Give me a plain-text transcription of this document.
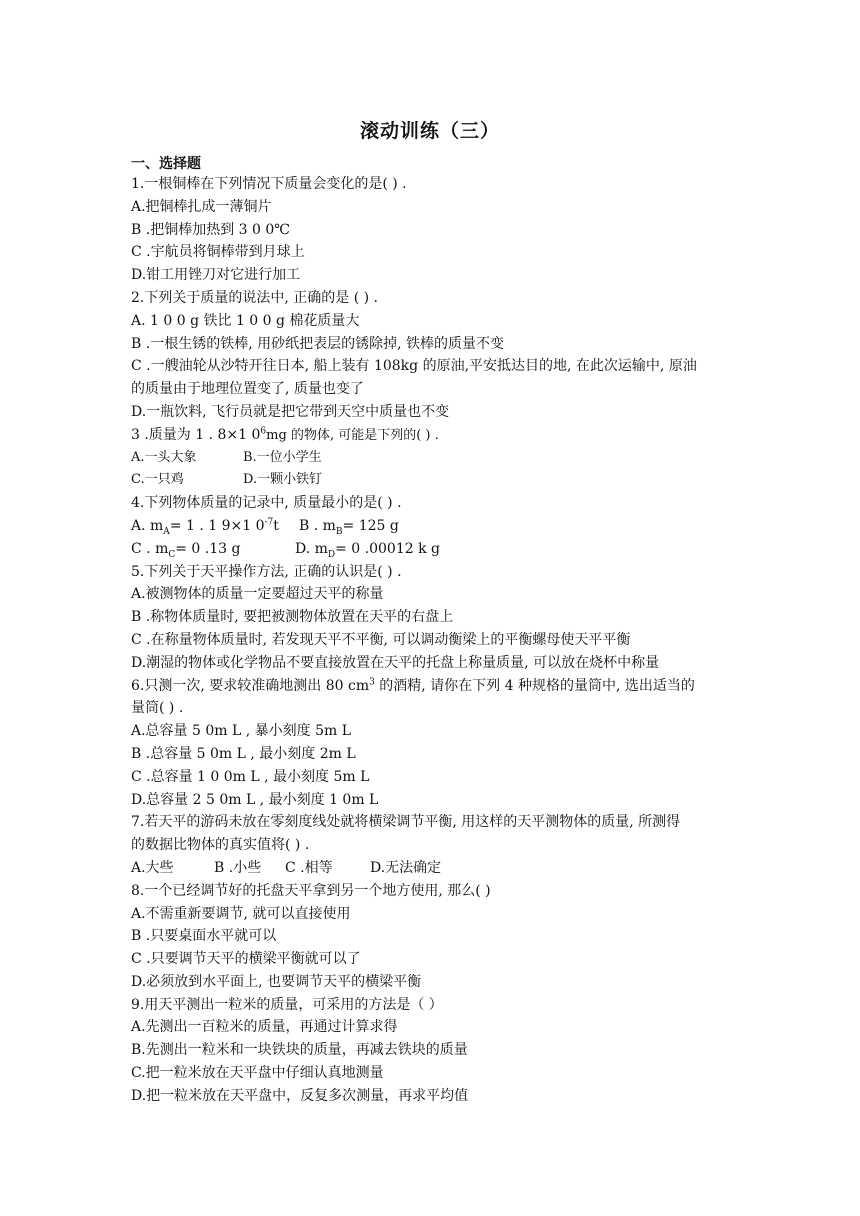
滚动训练（三）
一、选择题
1.一根铜棒在下列情况下质量会变化的是( ) .
A.把铜棒扎成一薄铜片
B .把铜棒加热到 3 0 0℃
C .宇航员将铜棒带到月球上
D.钳工用锉刀对它进行加工
2.下列关于质量的说法中, 正确的是 ( ) .
A. 1 0 0 g 铁比 1 0 0 g 棉花质量大
B .一根生锈的铁棒, 用砂纸把表层的锈除掉, 铁棒的质量不变
C .一艘油轮从沙特开往日本, 船上装有 108kg 的原油,平安抵达目的地, 在此次运输中, 原油
的质量由于地理位置变了, 质量也变了
D.一瓶饮料, 飞行员就是把它带到天空中质量也不变
3 .质量为 1 . 8×1 $0^6mg$ 的物体, 可能是下列的( ) .
A.一头大象	B.一位小学生
C.一只鸡	D.一颗小铁钉
4.下列物体质量的记录中, 质量最小的是( ) .
A. $m_A= 1$ . 1 9×1 $0^{-7}t$ B . $m_B= 125$ g
C . $m_C= 0$ .13 g	D. $m_D= 0$ .00012 k g
5.下列关于天平操作方法, 正确的认识是( ) .
A.被测物体的质量一定要超过天平的称量
B .称物体质量时, 要把被测物体放置在天平的右盘上
C .在称量物体质量时, 若发现天平不平衡, 可以调动衡梁上的平衡螺母使天平平衡
D.潮湿的物体或化学物品不要直接放置在天平的托盘上称量质量, 可以放在烧杯中称量
6.只测一次, 要求较准确地测出 80 $cm^3$ 的酒精, 请你在下列 4 种规格的量筒中, 选出适当的
量筒( ) .
A.总容量 5 0m L , 暴小刻度 5m L
B .总容量 5 0m L , 最小刻度 2m L
C .总容量 1 0 0m L , 最小刻度 5m L
D.总容量 2 5 0m L , 最小刻度 1 0m L
7.若天平的游码未放在零刻度线处就将横梁调节平衡, 用这样的天平测物体的质量, 所测得
的数据比物体的真实值将( ) .
A.大些	B .小些 C .相等	D.无法确定
8.一个已经调节好的托盘天平拿到另一个地方使用, 那么( )
A.不需重新要调节, 就可以直接使用
B .只要桌面水平就可以
C .只要调节天平的横梁平衡就可以了
D.必须放到水平面上, 也要调节天平的横梁平衡
9.用天平测出一粒米的质量，可采用的方法是（ ）
A.先测出一百粒米的质量，再通过计算求得
B.先测出一粒米和一块铁块的质量，再减去铁块的质量
C.把一粒米放在天平盘中仔细认真地测量
D.把一粒米放在天平盘中，反复多次测量，再求平均值
